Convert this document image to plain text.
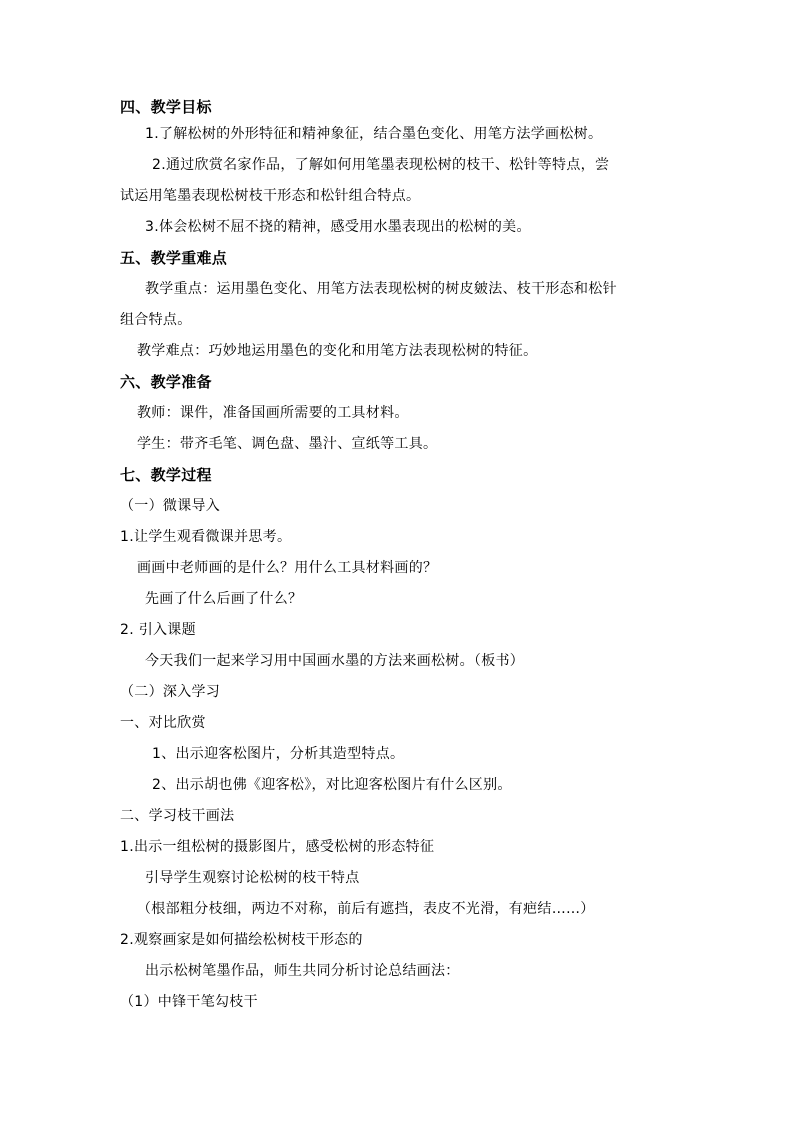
四、教学目标
1.了解松树的外形特征和精神象征，结合墨色变化、用笔方法学画松树。
2.通过欣赏名家作品，了解如何用笔墨表现松树的枝干、松针等特点，尝
试运用笔墨表现松树枝干形态和松针组合特点。
3.体会松树不屈不挠的精神，感受用水墨表现出的松树的美。
五、教学重难点
教学重点：运用墨色变化、用笔方法表现松树的树皮皴法、枝干形态和松针
组合特点。
教学难点：巧妙地运用墨色的变化和用笔方法表现松树的特征。
六、教学准备
教师：课件，准备国画所需要的工具材料。
学生：带齐毛笔、调色盘、墨汁、宣纸等工具。
七、教学过程
（一）微课导入
1.让学生观看微课并思考。
画画中老师画的是什么？用什么工具材料画的？
先画了什么后画了什么？
2. 引入课题
今天我们一起来学习用中国画水墨的方法来画松树。（板书）
（二）深入学习
一、对比欣赏
1、出示迎客松图片，分析其造型特点。
2、出示胡也佛《迎客松》，对比迎客松图片有什么区别。
二、学习枝干画法
1.出示一组松树的摄影图片，感受松树的形态特征
引导学生观察讨论松树的枝干特点
（根部粗分枝细，两边不对称，前后有遮挡，表皮不光滑，有疤结……）
2.观察画家是如何描绘松树枝干形态的
出示松树笔墨作品，师生共同分析讨论总结画法：
（1）中锋干笔勾枝干
